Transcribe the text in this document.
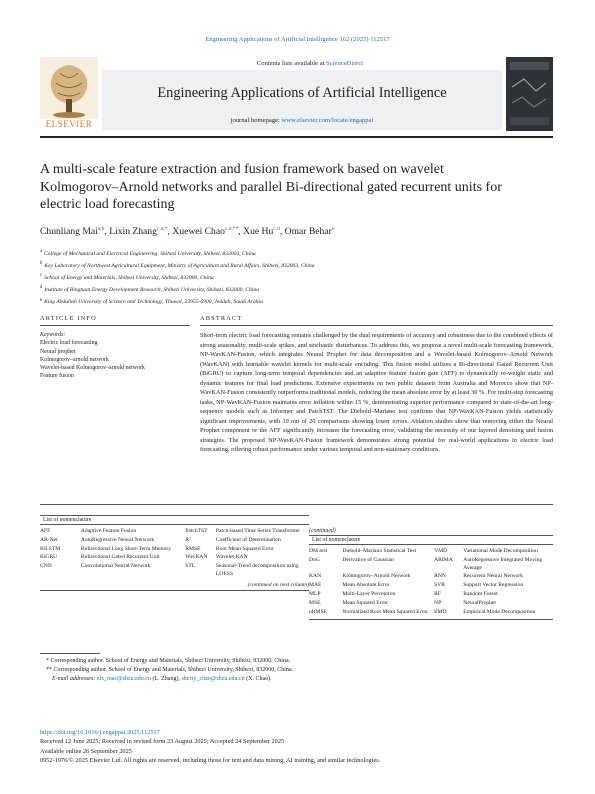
Engineering Applications of Artificial Intelligence 162 (2025) 112517
ELSEVIER
Contents lists available at ScienceDirect
Engineering Applications of Artificial Intelligence
journal homepage: www.elsevier.com/locate/engappai
A multi-scale feature extraction and fusion framework based on wavelet Kolmogorov–Arnold networks and parallel Bi-directional gated recurrent units for electric load forecasting
Chunliang Mai$^{a,b}$, Lixin Zhang$^{c,d,*}$, Xuewei Chao$^{c,d,**}$, Xue Hu$^{c,d}$, Omar Behar$^e$
$^a$ College of Mechanical and Electrical Engineering, Shihezi University, Shihezi, 832003, China
$^b$ Key Laboratory of Northwest Agricultural Equipment, Ministry of Agriculture and Rural Affairs, Shihezi, 832003, China
$^c$ School of Energy and Materials, Shihezi University, Shihezi, 832000, China
$^d$ Institute of Bingtuan Energy Development Research, Shihezi University, Shihezi, 832000, China
$^e$ King Abdullah University of Science and Technology, Thuwal, 23955-6900, Jeddah, Saudi Arabia
ARTICLE INFO	ABSTRACT
Keywords:
Electric load forecasting
Neural prophet
Kolmogorov–arnold network
Wavelet-based Kolmogorov–arnold network
Feature fusion
Short-term electric load forecasting remains challenged by the dual requirements of accuracy and robustness due to the combined effects of strong seasonality, multi-scale spikes, and stochastic disturbances. To address this, we propose a novel multi-scale forecasting framework, NP-WavKAN-Fusion, which integrates Neural Prophet for data decomposition and a Wavelet-based Kolmogorov–Arnold Network (WavKAN) with learnable wavelet kernels for multi-scale encoding. This fusion model utilizes a Bi-directional Gated Recurrent Unit (BiGRU) to capture long-term temporal dependencies and an adaptive feature fusion gate (AFF) to dynamically re-weight static and dynamic features for final load predictions. Extensive experiments on two public datasets from Australia and Morocco show that NP-WavKAN-Fusion consistently outperforms traditional models, reducing the mean absolute error by at least 30 %. For multi-step forecasting tasks, NP-WavKAN-Fusion maintains error inflation within 15 %, demonstrating superior performance compared to state-of-the-art long-sequence models such as Informer and PatchTST. The Diebold–Mariano test confirms that NP-WavKAN-Fusion yields statistically significant improvements, with 19 out of 20 comparisons showing lower errors. Ablation studies show that removing either the Neural Prophet component or the AFF significantly increases the forecasting error, validating the necessity of our layered denoising and fusion strategies. The proposed NP-WavKAN-Fusion framework demonstrates strong potential for real-world applications in electric load forecasting, offering robust performance under various temporal and non-stationary conditions.
List of nomenclature
AFF	Adaptive Feature Fusion	PatchTST	Patch-based Time Series Transformer
AR-Net	AutoRegressive Neural Network	R²	Coefficient of Determination
BiLSTM	Bidirectional Long Short-Term Memory	RMSE	Root Mean Squared Error
BiGRU	Bidirectional Gated Recurrent Unit	WavKAN	Wavelet KAN
CNN	Convolutional Neural Network	STL	Seasonal-Trend decomposition using LOESS
(continued on next column)
(continued)
List of nomenclature
DM test	Diebold–Mariano Statistical Test	VMD	Variational Mode Decomposition
DoG	Derivative of Gaussian	ARIMA	AutoRegressive Integrated Moving Average
KAN	Kolmogorov–Arnold Network	RNN	Recurrent Neural Network
MAE	Mean Absolute Error	SVR	Support Vector Regression
MLP	Multi-Layer Perceptron	RF	Random Forest
MSE	Mean Squared Error	NP	NeuralProphet
nRMSE	Normalized Root Mean Squared Error	EMD	Empirical Mode Decomposition
* Corresponding author. School of Energy and Materials, Shihezi University, Shihezi, 832000, China.
** Corresponding author. School of Energy and Materials, Shihezi University, Shihezi, 832000, China.
E-mail addresses: zlx_mac@shzu.edu.cn (L. Zhang), sherry_chao@shzu.edu.cn (X. Chao).
https://doi.org/10.1016/j.engappai.2025.112517
Received 12 June 2025; Received in revised form 23 August 2025; Accepted 24 September 2025
Available online 26 September 2025
0952-1976/© 2025 Elsevier Ltd. All rights are reserved, including those for text and data mining, AI training, and similar technologies.
